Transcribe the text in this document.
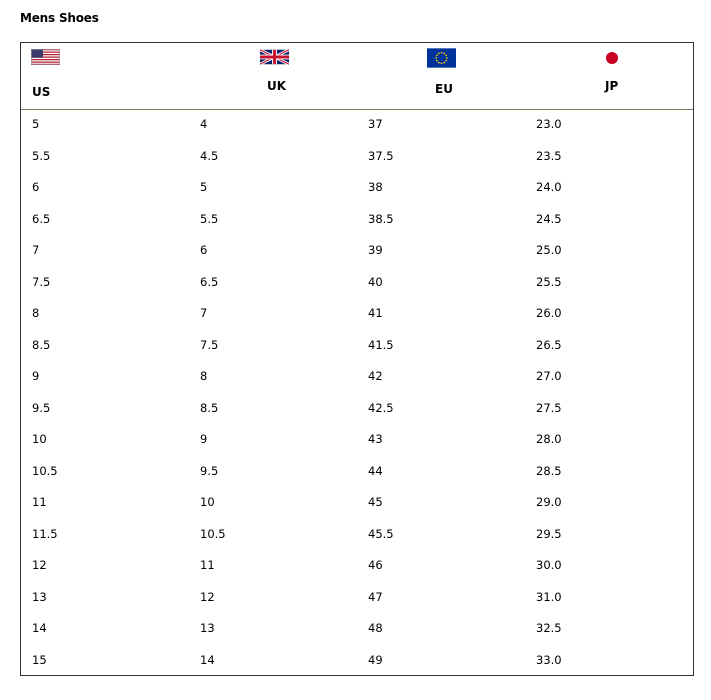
Mens Shoes
US	UK	EU	JP
5	4	37	23.0
5.5	4.5	37.5	23.5
6	5	38	24.0
6.5	5.5	38.5	24.5
7	6	39	25.0
7.5	6.5	40	25.5
8	7	41	26.0
8.5	7.5	41.5	26.5
9	8	42	27.0
9.5	8.5	42.5	27.5
10	9	43	28.0
10.5	9.5	44	28.5
11	10	45	29.0
11.5	10.5	45.5	29.5
12	11	46	30.0
13	12	47	31.0
14	13	48	32.5
15	14	49	33.0
